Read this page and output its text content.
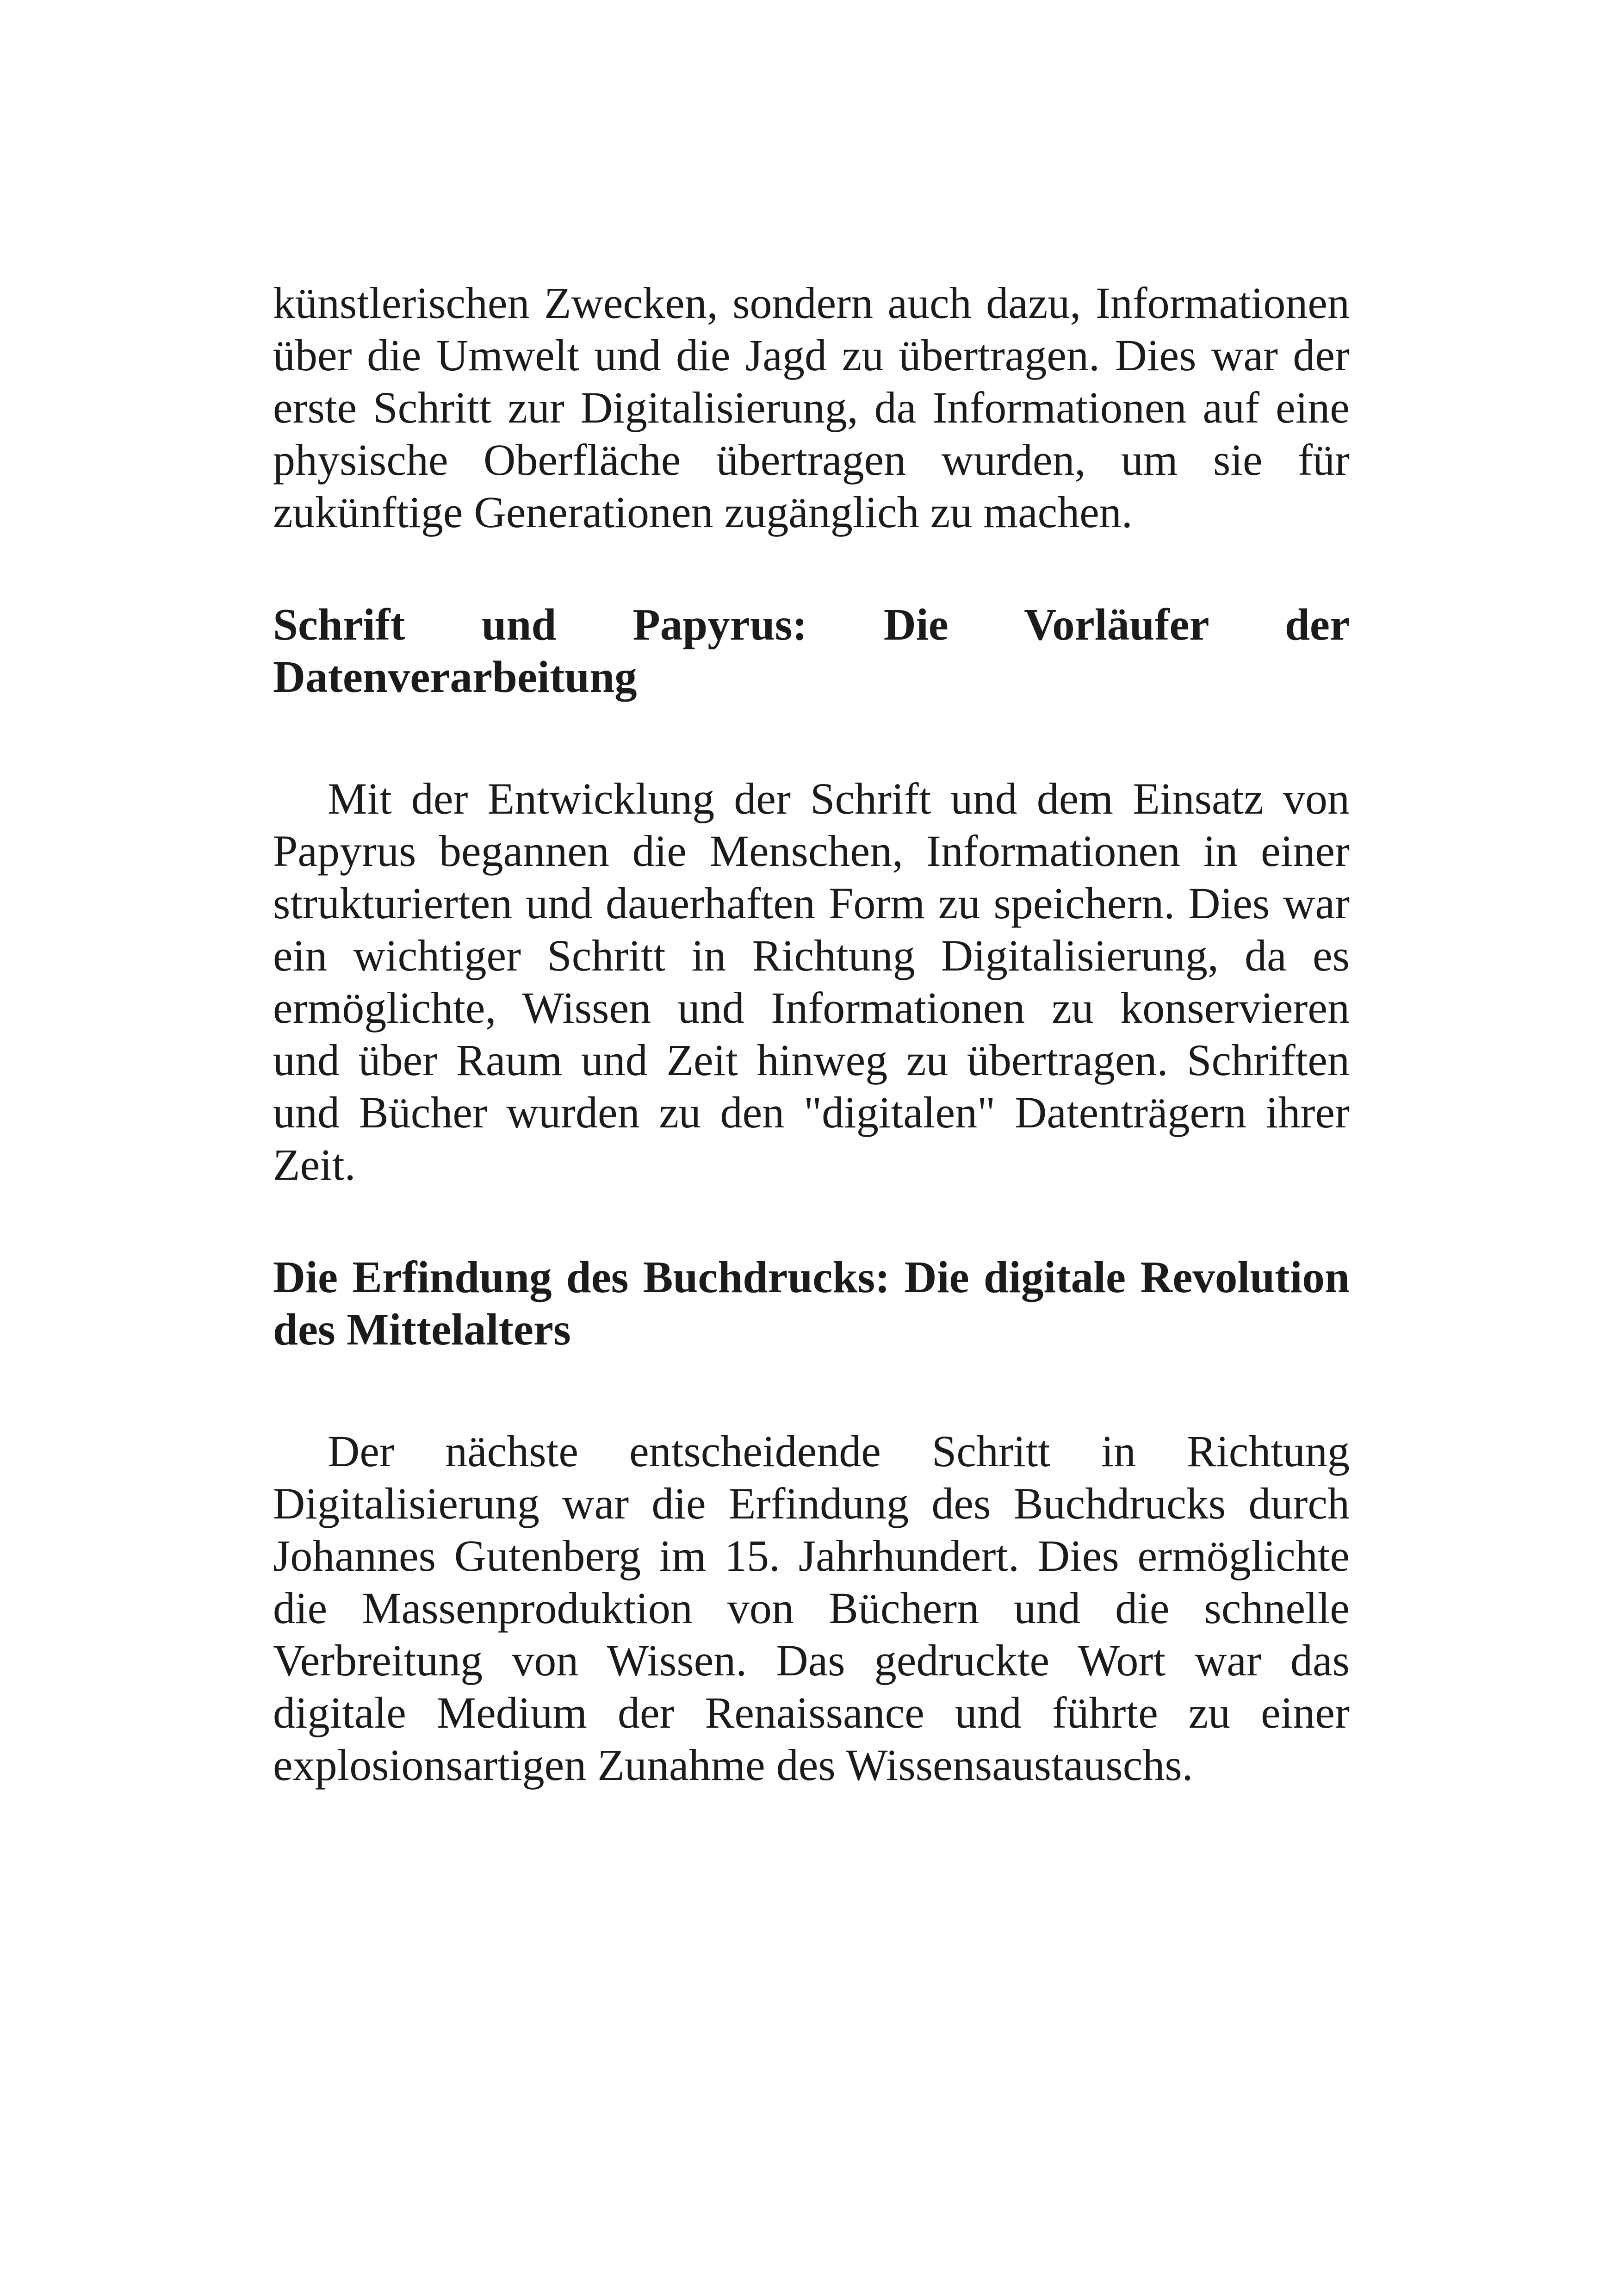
künstlerischen Zwecken, sondern auch dazu, Informationen über die Umwelt und die Jagd zu übertragen. Dies war der erste Schritt zur Digitalisierung, da Informationen auf eine physische Oberfläche übertragen wurden, um sie für zukünftige Generationen zugänglich zu machen.

Schrift und Papyrus: Die Vorläufer der Datenverarbeitung

Mit der Entwicklung der Schrift und dem Einsatz von Papyrus begannen die Menschen, Informationen in einer strukturierten und dauerhaften Form zu speichern. Dies war ein wichtiger Schritt in Richtung Digitalisierung, da es ermöglichte, Wissen und Informationen zu konservieren und über Raum und Zeit hinweg zu übertragen. Schriften und Bücher wurden zu den "digitalen" Datenträgern ihrer Zeit.

Die Erfindung des Buchdrucks: Die digitale Revolution des Mittelalters

Der nächste entscheidende Schritt in Richtung Digitalisierung war die Erfindung des Buchdrucks durch Johannes Gutenberg im 15. Jahrhundert. Dies ermöglichte die Massenproduktion von Büchern und die schnelle Verbreitung von Wissen. Das gedruckte Wort war das digitale Medium der Renaissance und führte zu einer explosionsartigen Zunahme des Wissensaustauschs.
